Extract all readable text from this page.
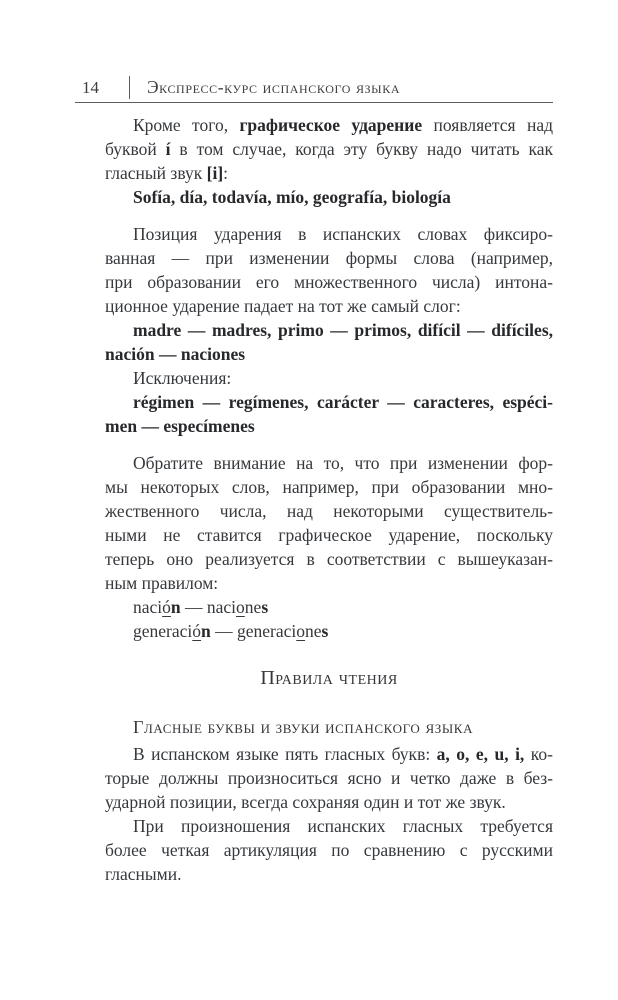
14	Экспресс-курс испанского языка
Кроме того, графическое ударение появляется над
буквой í в том случае, когда эту букву надо читать как
гласный звук [i]:
Sofía, día, todavía, mío, geografía, biología
Позиция ударения в испанских словах фиксиро-
ванная — при изменении формы слова (например,
при образовании его множественного числа) интона-
ционное ударение падает на тот же самый слог:
madre — madres, primo — primos, difícil — difíciles,
nación — naciones
Исключения:
régimen — regímenes, carácter — caracteres, espéci-
men — especímenes
Обратите внимание на то, что при изменении фор-
мы некоторых слов, например, при образовании мно-
жественного числа, над некоторыми существитель-
ными не ставится графическое ударение, поскольку
теперь оно реализуется в соответствии с вышеуказан-
ным правилом:
nación — naciones
generación — generaciones
Правила чтения
Гласные буквы и звуки испанского языка
В испанском языке пять гласных букв: a, o, e, u, i, ко-
торые должны произноситься ясно и четко даже в без-
ударной позиции, всегда сохраняя один и тот же звук.
При произношения испанских гласных требуется
более четкая артикуляция по сравнению с русскими
гласными.
